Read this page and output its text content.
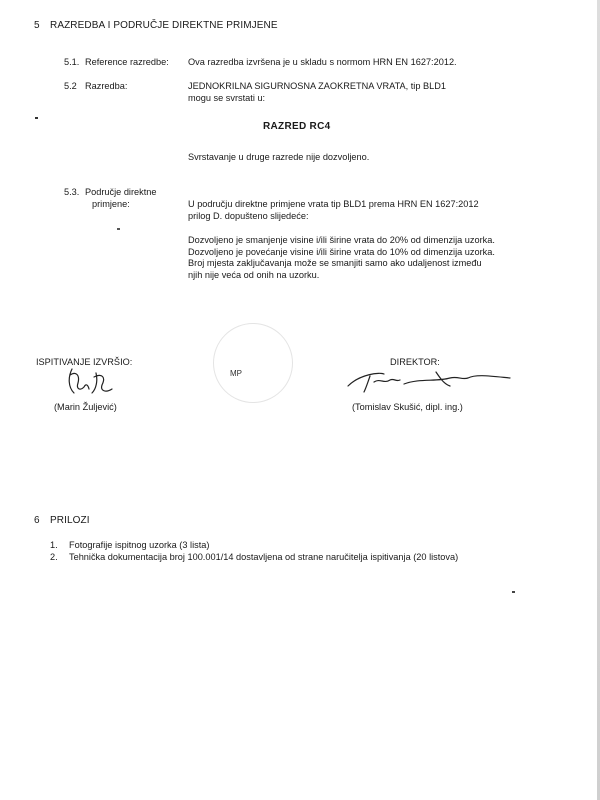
5 RAZREDBA I PODRUČJE DIREKTNE PRIMJENE
5.1. Reference razredbe: Ova razredba izvršena je u skladu s normom HRN EN 1627:2012.
5.2 Razredba:	JEDNOKRILNA SIGURNOSNA ZAOKRETNA VRATA, tip BLD1
mogu se svrstati u:
RAZRED RC4
Svrstavanje u druge razrede nije dozvoljeno.
5.3. Područje direktne
primjene:	U području direktne primjene vrata tip BLD1 prema HRN EN 1627:2012
prilog D. dopušteno slijedeće:
Dozvoljeno je smanjenje visine i/ili širine vrata do 20% od dimenzija uzorka.
Dozvoljeno je povećanje visine i/ili širine vrata do 10% od dimenzija uzorka.
Broj mjesta zaključavanja može se smanjiti samo ako udaljenost između
njih nije veća od onih na uzorku.
ISPITIVANJE IZVRŠIO:
(Marin Žuljević)
MP
DIREKTOR:
(Tomislav Skušić, dipl. ing.)
6 PRILOZI
1. Fotografije ispitnog uzorka (3 lista)
2. Tehnička dokumentacija broj 100.001/14 dostavljena od strane naručitelja ispitivanja (20 listova)
